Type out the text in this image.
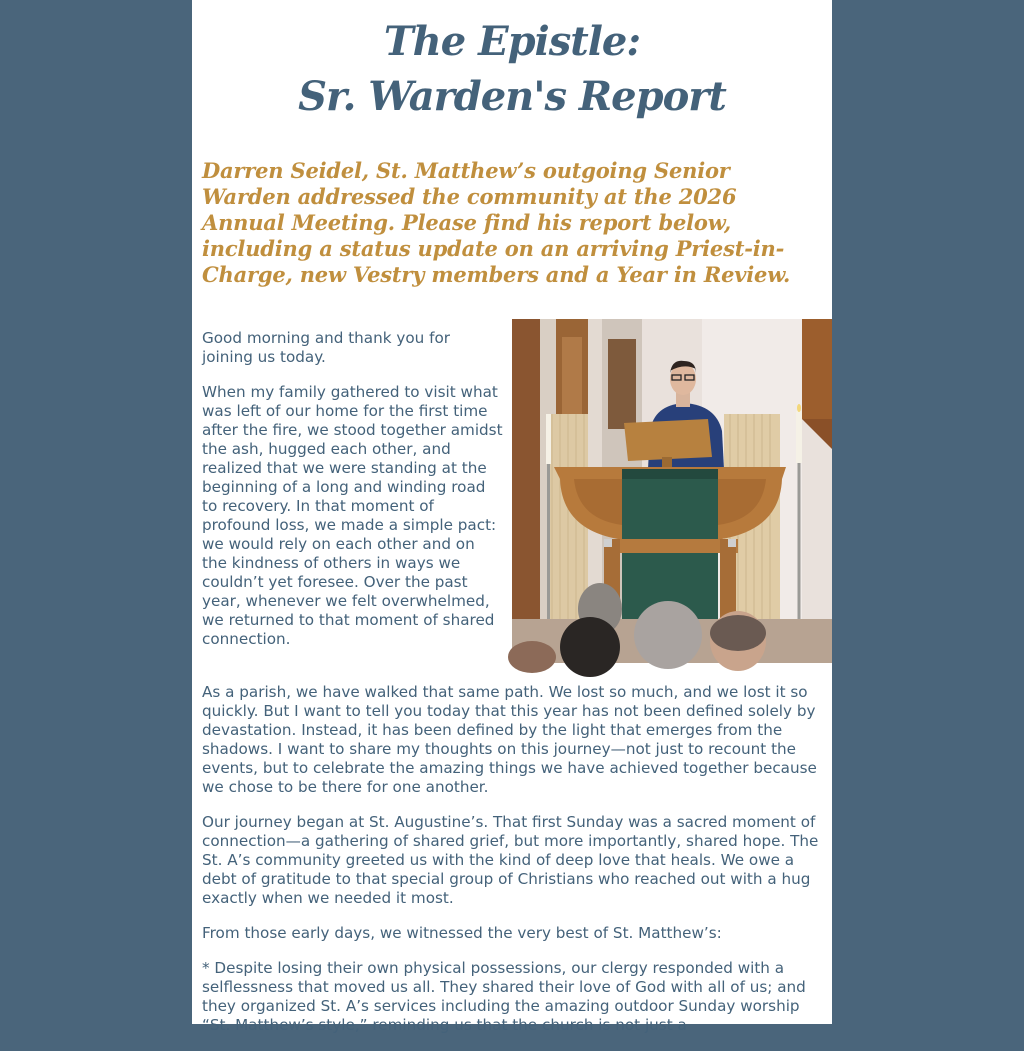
The Epistle:
Sr. Warden's Report

Darren Seidel, St. Matthew’s outgoing Senior Warden addressed the community at the 2026 Annual Meeting. Please find his report below, including a status update on an arriving Priest-in-Charge, new Vestry members and a Year in Review.

Good morning and thank you for joining us today.

When my family gathered to visit what was left of our home for the first time after the fire, we stood together amidst the ash, hugged each other, and realized that we were standing at the beginning of a long and winding road to recovery. In that moment of profound loss, we made a simple pact: we would rely on each other and on the kindness of others in ways we couldn’t yet foresee. Over the past year, whenever we felt overwhelmed, we returned to that moment of shared connection.

As a parish, we have walked that same path. We lost so much, and we lost it so quickly. But I want to tell you today that this year has not been defined solely by devastation. Instead, it has been defined by the light that emerges from the shadows. I want to share my thoughts on this journey—not just to recount the events, but to celebrate the amazing things we have achieved together because we chose to be there for one another.

Our journey began at St. Augustine’s. That first Sunday was a sacred moment of connection—a gathering of shared grief, but more importantly, shared hope. The St. A’s community greeted us with the kind of deep love that heals. We owe a debt of gratitude to that special group of Christians who reached out with a hug exactly when we needed it most.

From those early days, we witnessed the very best of St. Matthew’s:

* Despite losing their own physical possessions, our clergy responded with a selflessness that moved us all. They shared their love of God with all of us; and they organized St. A’s services including the amazing outdoor Sunday worship “St. Matthew’s style,” reminding us that the church is not just a
